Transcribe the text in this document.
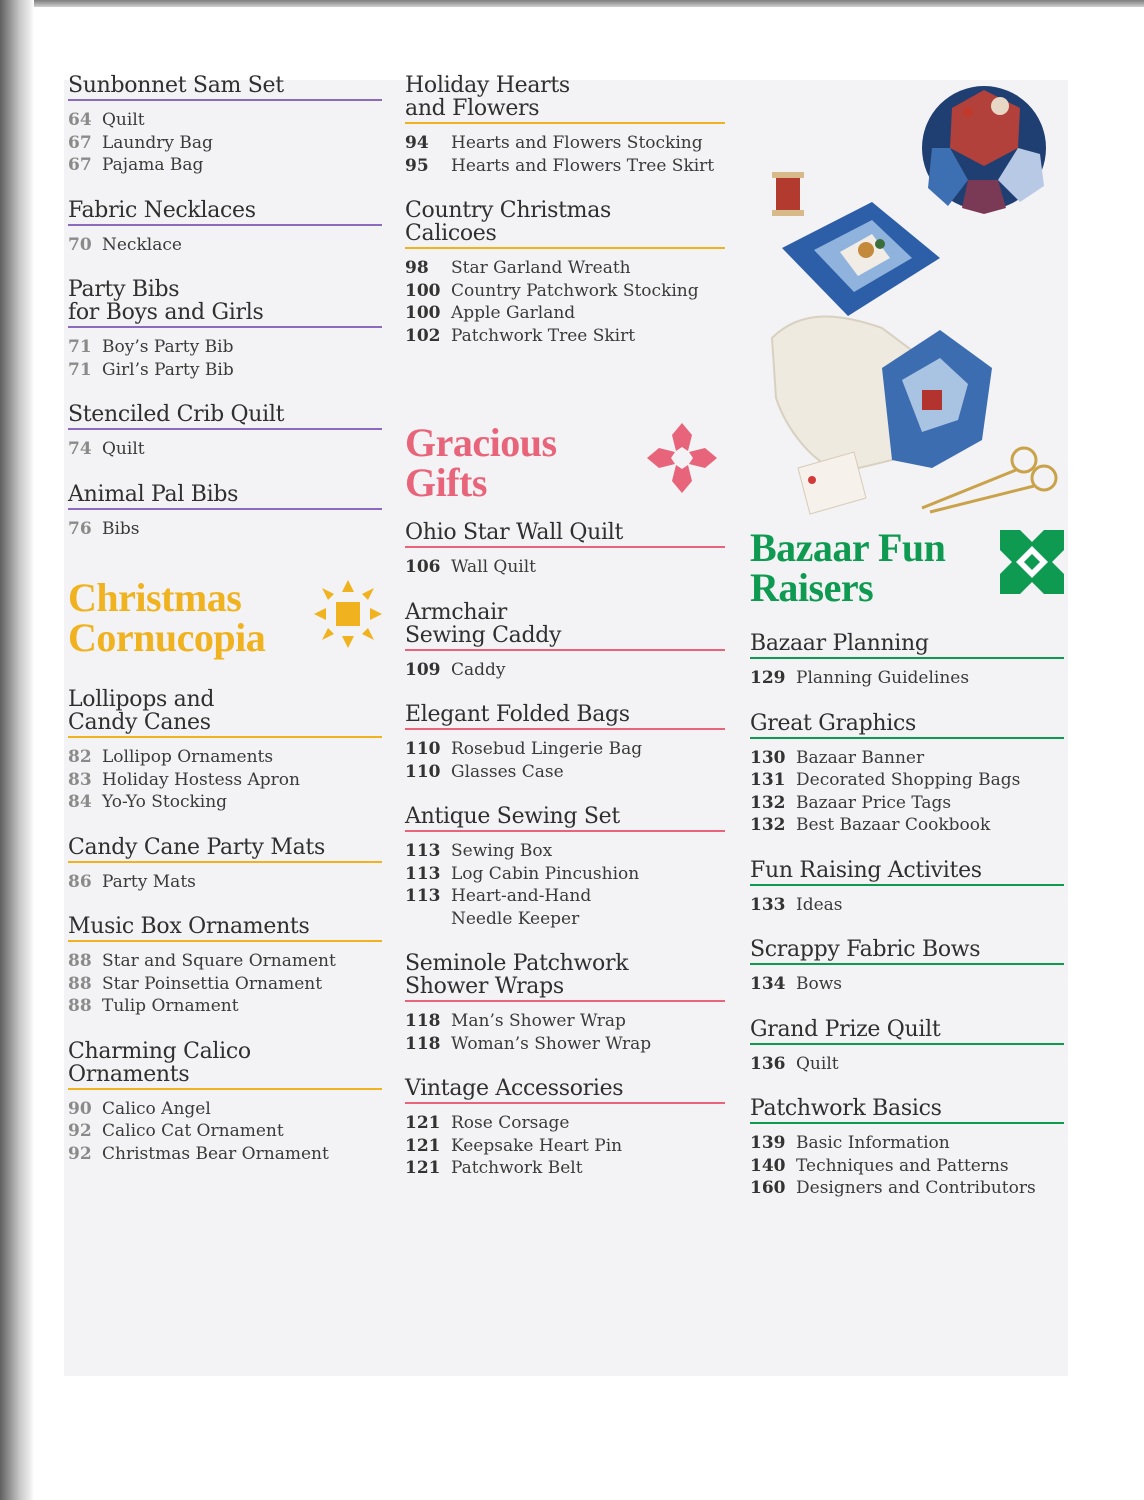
Sunbonnet Sam Set
64 Quilt
67 Laundry Bag
67 Pajama Bag
Fabric Necklaces
70 Necklace
Party Bibs
for Boys and Girls
71 Boy’s Party Bib
71 Girl’s Party Bib
Stenciled Crib Quilt
74 Quilt
Animal Pal Bibs
76 Bibs
Christmas
Cornucopia
Lollipops and
Candy Canes
82 Lollipop Ornaments
83 Holiday Hostess Apron
84 Yo-Yo Stocking
Candy Cane Party Mats
86 Party Mats
Music Box Ornaments
88 Star and Square Ornament
88 Star Poinsettia Ornament
88 Tulip Ornament
Charming Calico
Ornaments
90 Calico Angel
92 Calico Cat Ornament
92 Christmas Bear Ornament
Holiday Hearts
and Flowers
94	Hearts and Flowers Stocking
95	Hearts and Flowers Tree Skirt
Country Christmas
Calicoes
98	Star Garland Wreath
100 Country Patchwork Stocking
100 Apple Garland
102 Patchwork Tree Skirt
Gracious
Gifts
Ohio Star Wall Quilt
106 Wall Quilt
Armchair
Sewing Caddy
109 Caddy
Elegant Folded Bags
110 Rosebud Lingerie Bag
110 Glasses Case
Antique Sewing Set
113 Sewing Box
113 Log Cabin Pincushion
113 Heart-and-Hand
Needle Keeper
Seminole Patchwork
Shower Wraps
118 Man’s Shower Wrap
118 Woman’s Shower Wrap
Vintage Accessories
121 Rose Corsage
121 Keepsake Heart Pin
121 Patchwork Belt
Bazaar Fun
Raisers
Bazaar Planning
129 Planning Guidelines
Great Graphics
130 Bazaar Banner
131 Decorated Shopping Bags
132 Bazaar Price Tags
132 Best Bazaar Cookbook
Fun Raising Activites
133 Ideas
Scrappy Fabric Bows
134 Bows
Grand Prize Quilt
136 Quilt
Patchwork Basics
139 Basic Information
140 Techniques and Patterns
160 Designers and Contributors
